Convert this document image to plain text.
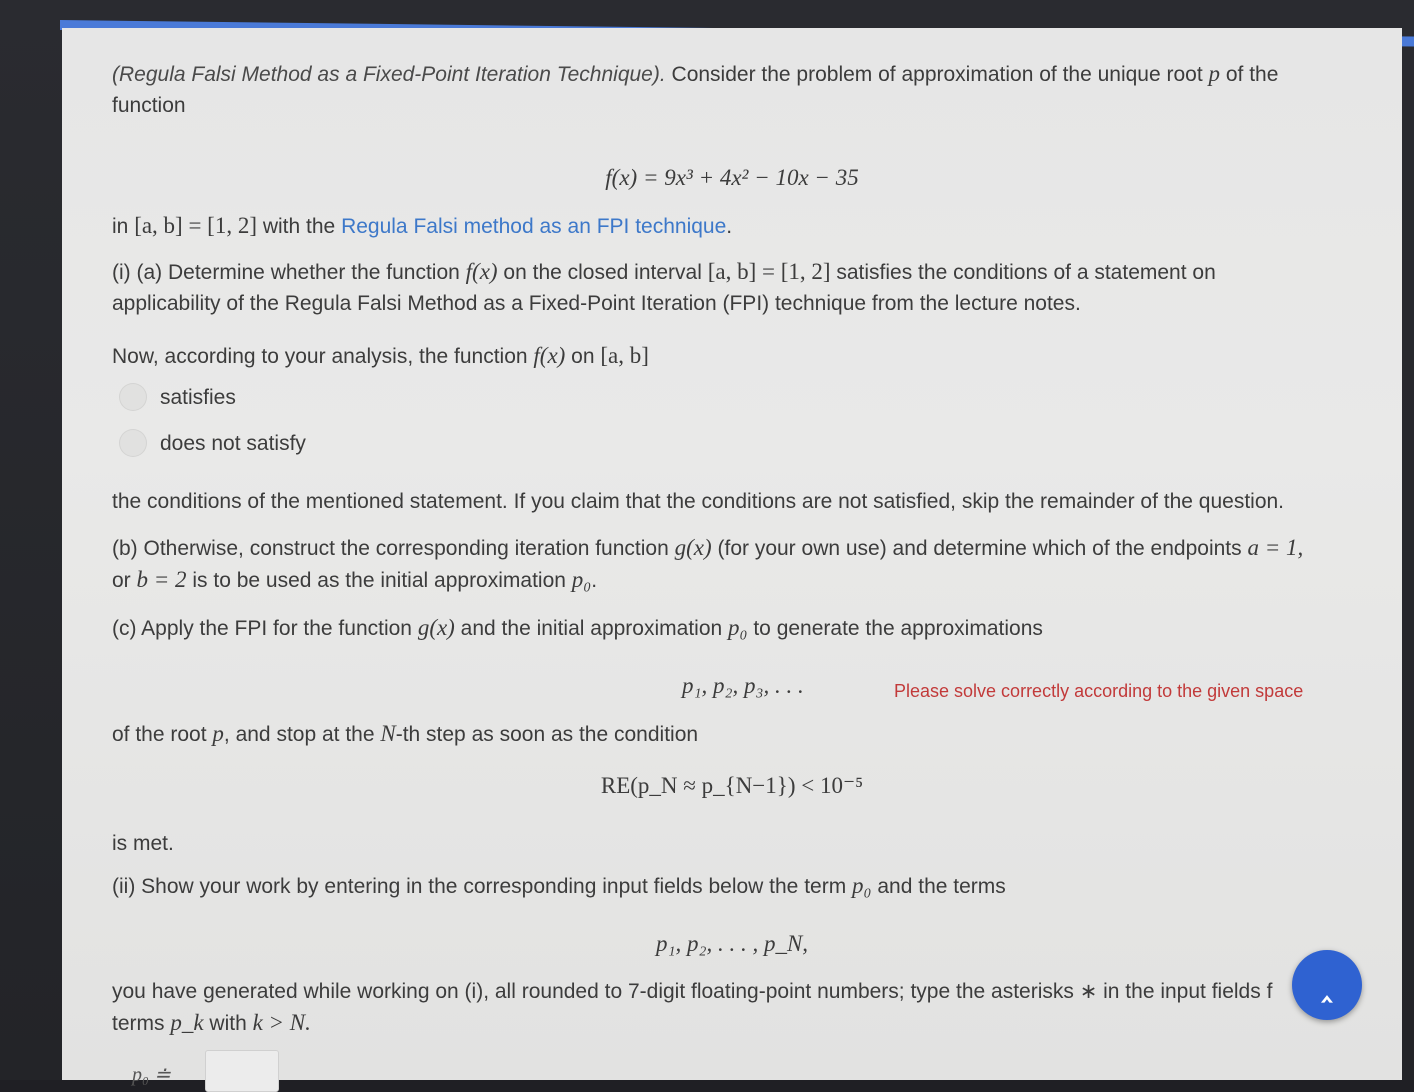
(Regula Falsi Method as a Fixed-Point Iteration Technique). Consider the problem of approximation of the unique root p of the
function

f(x) = 9x³ + 4x² − 10x − 35

in [a, b] = [1, 2] with the Regula Falsi method as an FPI technique.

(i) (a) Determine whether the function f(x) on the closed interval [a, b] = [1, 2] satisfies the conditions of a statement on
applicability of the Regula Falsi Method as a Fixed-Point Iteration (FPI) technique from the lecture notes.

Now, according to your analysis, the function f(x) on [a, b]

satisfies
does not satisfy

the conditions of the mentioned statement. If you claim that the conditions are not satisfied, skip the remainder of the question.

(b) Otherwise, construct the corresponding iteration function g(x) (for your own use) and determine which of the endpoints a = 1,
or b = 2 is to be used as the initial approximation p₀.

(c) Apply the FPI for the function g(x) and the initial approximation p₀ to generate the approximations

p₁, p₂, p₃, . . .	Please solve correctly according to the given space

of the root p, and stop at the N-th step as soon as the condition

RE(p_N ≈ p_{N−1}) < 10⁻⁵

is met.

(ii) Show your work by entering in the corresponding input fields below the term p₀ and the terms

p₁, p₂, . . . , p_N,

you have generated while working on (i), all rounded to 7-digit floating-point numbers; type the asterisks ∗ in the input fields f
terms p_k with k > N.

p₀ ≐
‸
